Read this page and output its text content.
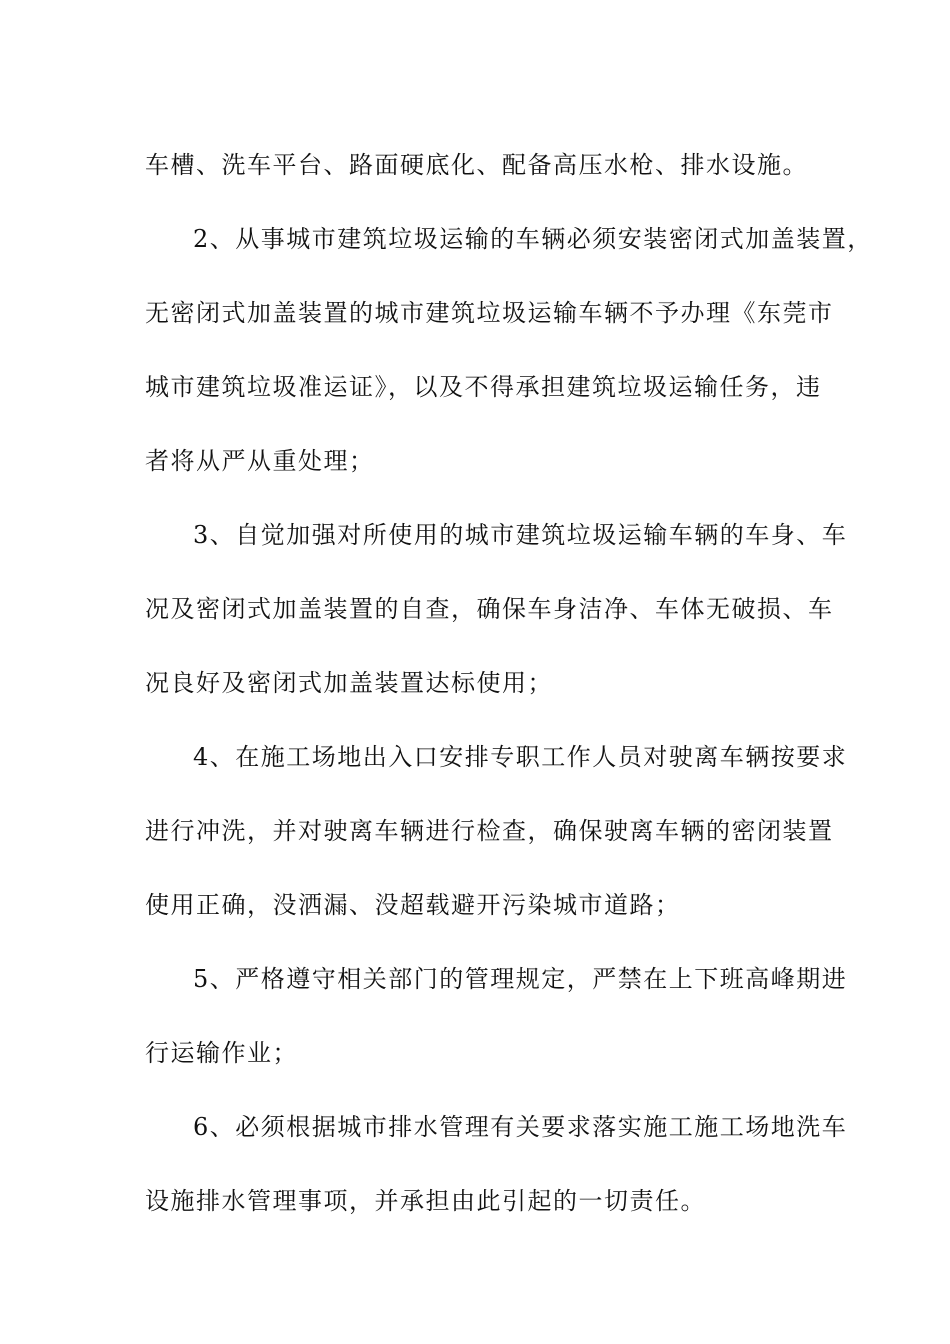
车槽、洗车平台、路面硬底化、配备高压水枪、排水设施。

2、从事城市建筑垃圾运输的车辆必须安装密闭式加盖装置，
无密闭式加盖装置的城市建筑垃圾运输车辆不予办理《东莞市
城市建筑垃圾准运证》，以及不得承担建筑垃圾运输任务，违
者将从严从重处理；

3、自觉加强对所使用的城市建筑垃圾运输车辆的车身、车
况及密闭式加盖装置的自查，确保车身洁净、车体无破损、车
况良好及密闭式加盖装置达标使用；

4、在施工场地出入口安排专职工作人员对驶离车辆按要求
进行冲洗，并对驶离车辆进行检查，确保驶离车辆的密闭装置
使用正确，没洒漏、没超载避开污染城市道路；

5、严格遵守相关部门的管理规定，严禁在上下班高峰期进
行运输作业；

6、必须根据城市排水管理有关要求落实施工施工场地洗车
设施排水管理事项，并承担由此引起的一切责任。
